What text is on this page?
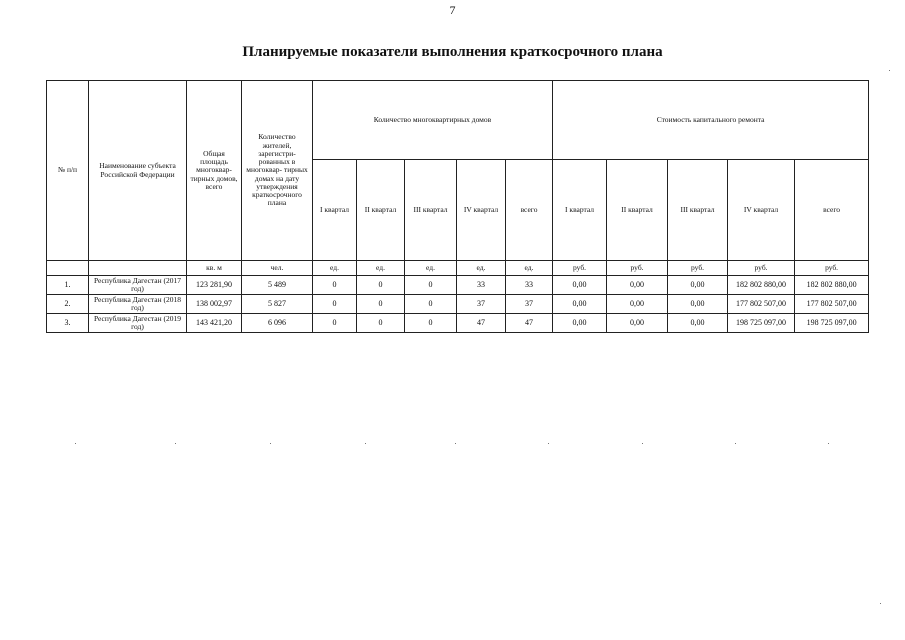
7
Планируемые показатели выполнения краткосрочного плана
№ п/п	Наименование субъекта Российской Федерации	Общая площадь многоквар- тирных домов, всего	Количество жителей, зарегистри- рованных в многоквар- тирных домах на дату утверждения краткосрочного плана	Количество многоквартирных домов					Стоимость капитального ремонта				
				I квартал	II квартал	III квартал	IV квартал	всего	I квартал	II квартал	III квартал	IV квартал	всего
		кв. м	чел.	ед.	ед.	ед.	ед.	ед.	руб.	руб.	руб.	руб.	руб.
1.	Республика Дагестан (2017 год)	123 281,90	5 489	0	0	0	33	33	0,00	0,00	0,00	182 802 880,00	182 802 880,00
2.	Республика Дагестан (2018 год)	138 002,97	5 827	0	0	0	37	37	0,00	0,00	0,00	177 802 507,00	177 802 507,00
3.	Республика Дагестан (2019 год)	143 421,20	6 096	0	0	0	47	47	0,00	0,00	0,00	198 725 097,00	198 725 097,00
